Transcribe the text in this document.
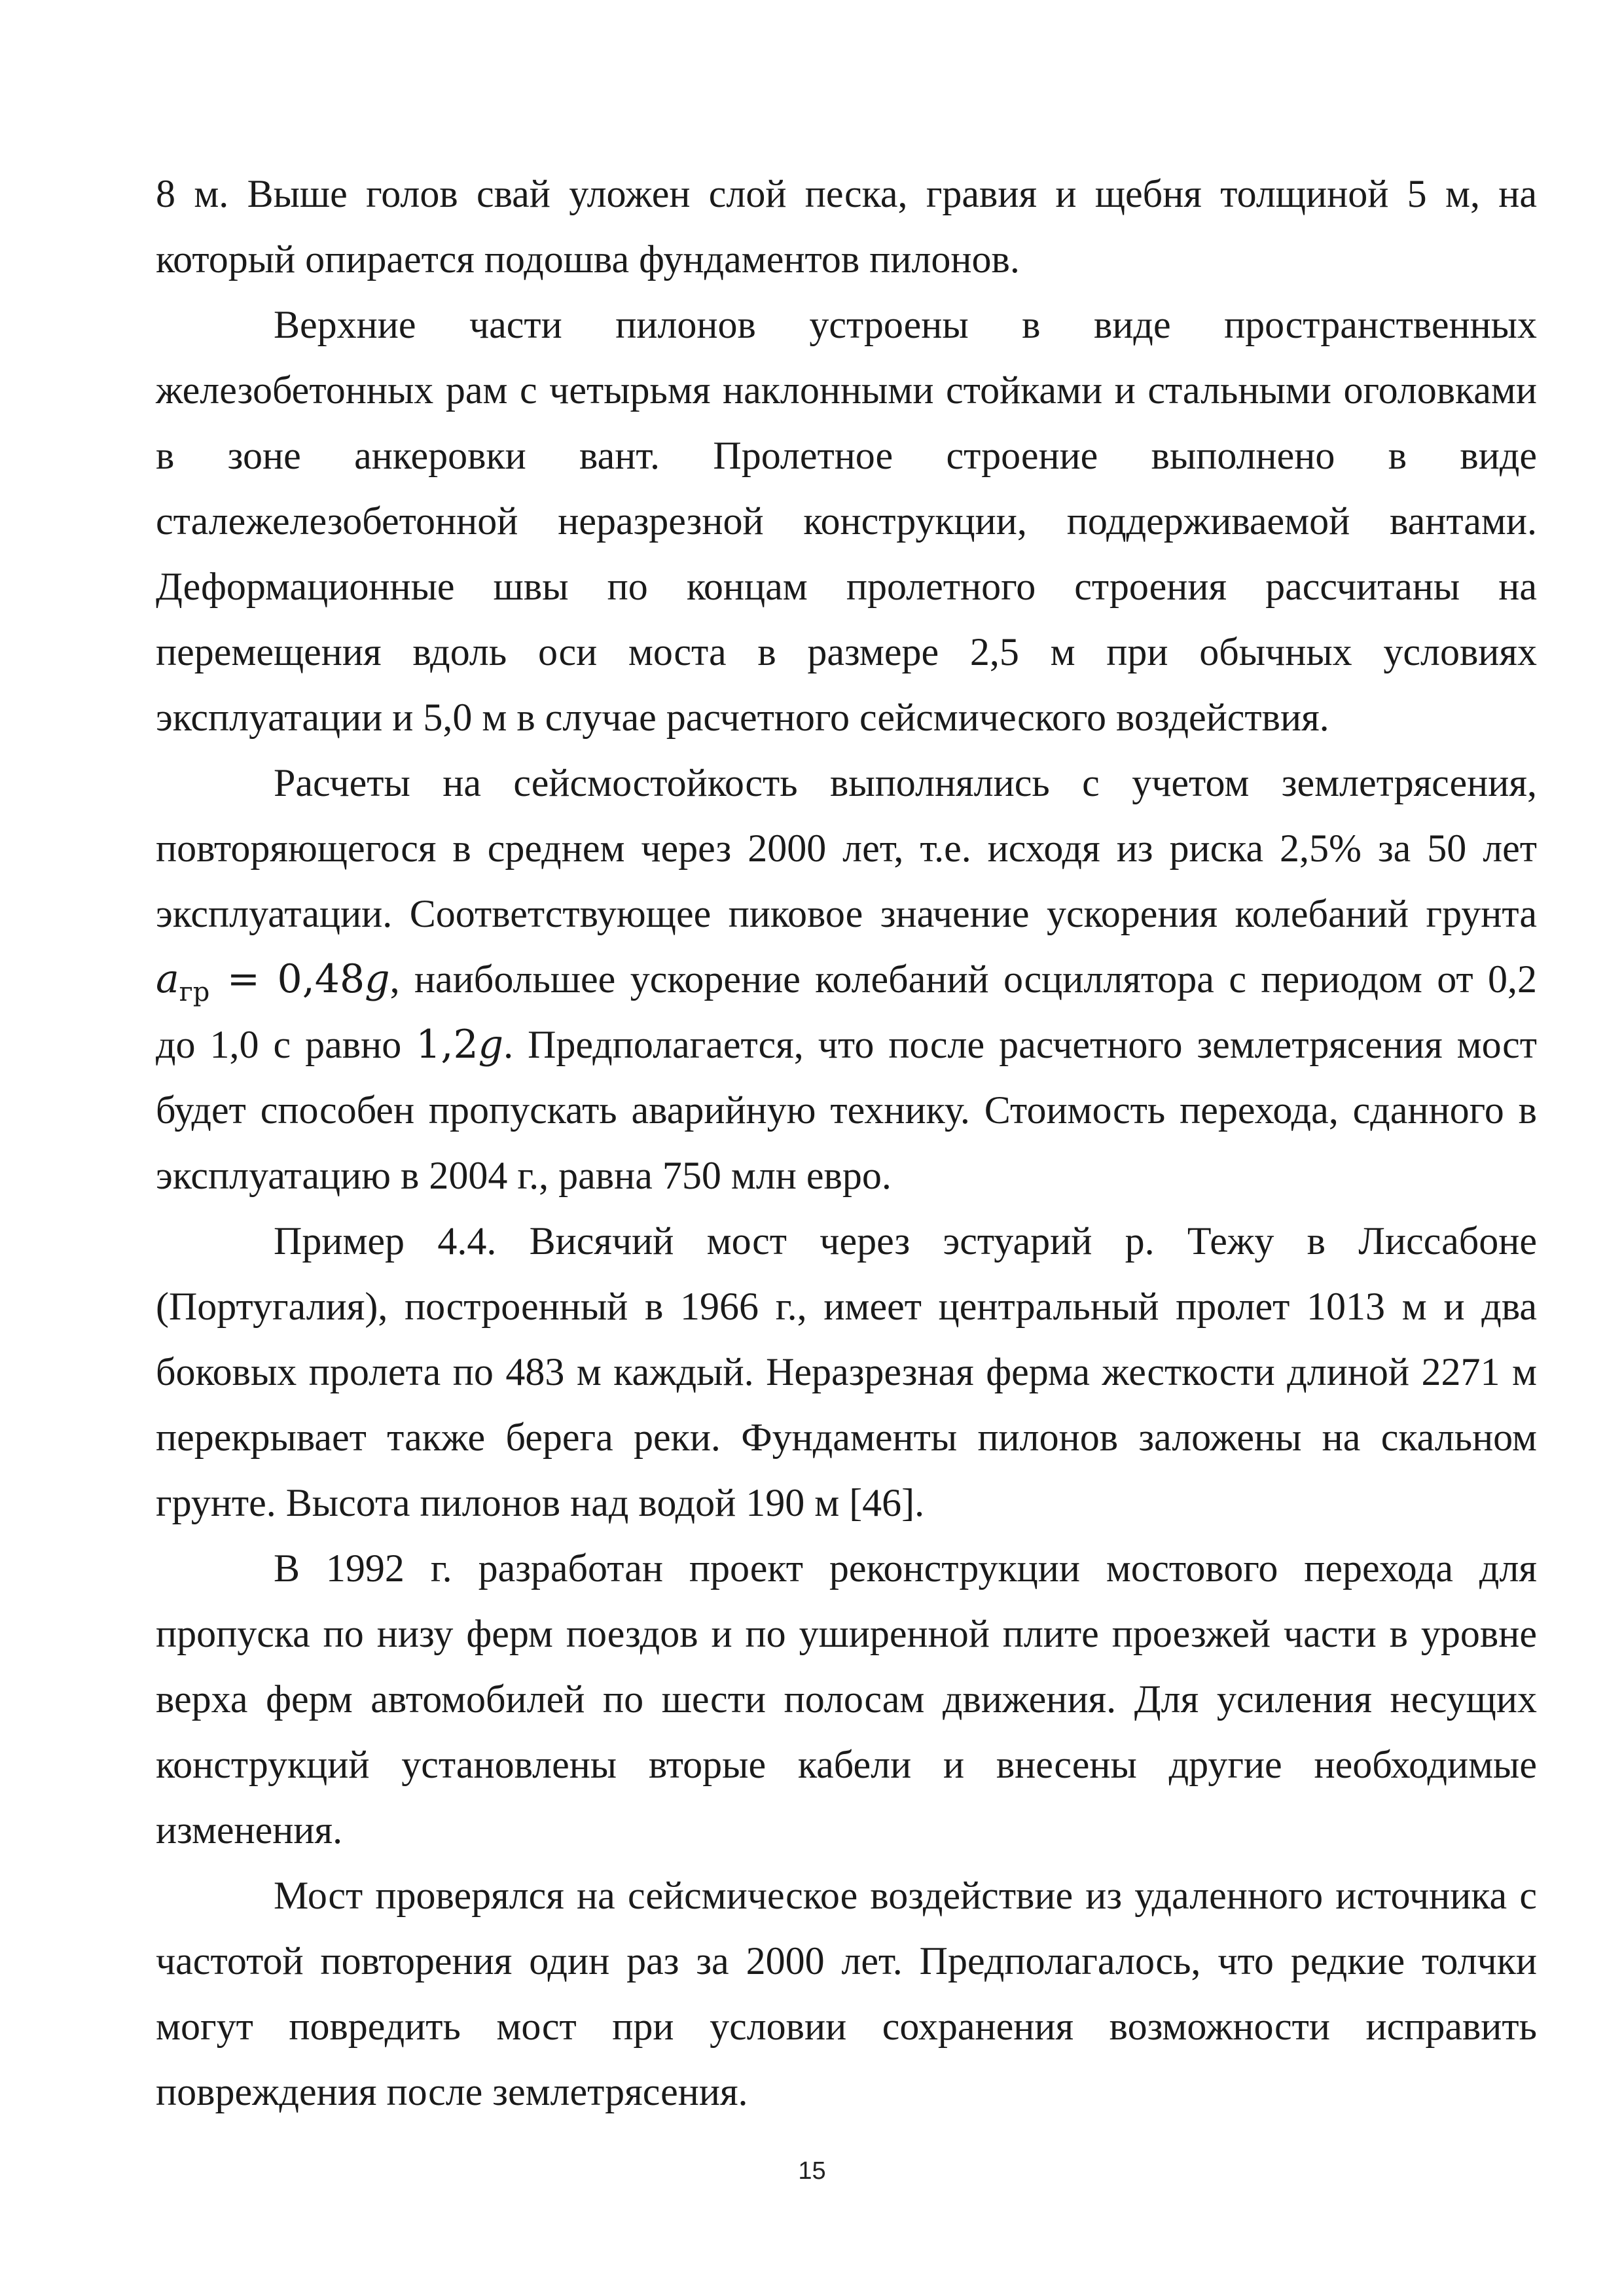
8 м. Выше голов свай уложен слой песка, гравия и щебня толщиной 5 м, на который опирается подошва фундаментов пилонов.

Верхние части пилонов устроены в виде пространственных железобетонных рам с четырьмя наклонными стойками и стальными оголовками в зоне анкеровки вант. Пролетное строение выполнено в виде сталежелезобетонной неразрезной конструкции, поддерживаемой вантами. Деформационные швы по концам пролетного строения рассчитаны на перемещения вдоль оси моста в размере 2,5 м при обычных условиях эксплуатации и 5,0 м в случае расчетного сейсмического воздействия.

Расчеты на сейсмостойкость выполнялись с учетом землетрясения, повторяющегося в среднем через 2000 лет, т.е. исходя из риска 2,5% за 50 лет эксплуатации. Соответствующее пиковое значение ускорения колебаний грунта $a_{гр} = 0,48g$, наибольшее ускорение колебаний осциллятора с периодом от 0,2 до 1,0 с равно 1,2g. Предполагается, что после расчетного землетрясения мост будет способен пропускать аварийную технику. Стоимость перехода, сданного в эксплуатацию в 2004 г., равна 750 млн евро.

Пример 4.4. Висячий мост через эстуарий р. Тежу в Лиссабоне (Португалия), построенный в 1966 г., имеет центральный пролет 1013 м и два боковых пролета по 483 м каждый. Неразрезная ферма жесткости длиной 2271 м перекрывает также берега реки. Фундаменты пилонов заложены на скальном грунте. Высота пилонов над водой 190 м [46].

В 1992 г. разработан проект реконструкции мостового перехода для пропуска по низу ферм поездов и по уширенной плите проезжей части в уровне верха ферм автомобилей по шести полосам движения. Для усиления несущих конструкций установлены вторые кабели и внесены другие необходимые изменения.

Мост проверялся на сейсмическое воздействие из удаленного источника с частотой повторения один раз за 2000 лет. Предполагалось, что редкие толчки могут повредить мост при условии сохранения возможности исправить повреждения после землетрясения.

15
